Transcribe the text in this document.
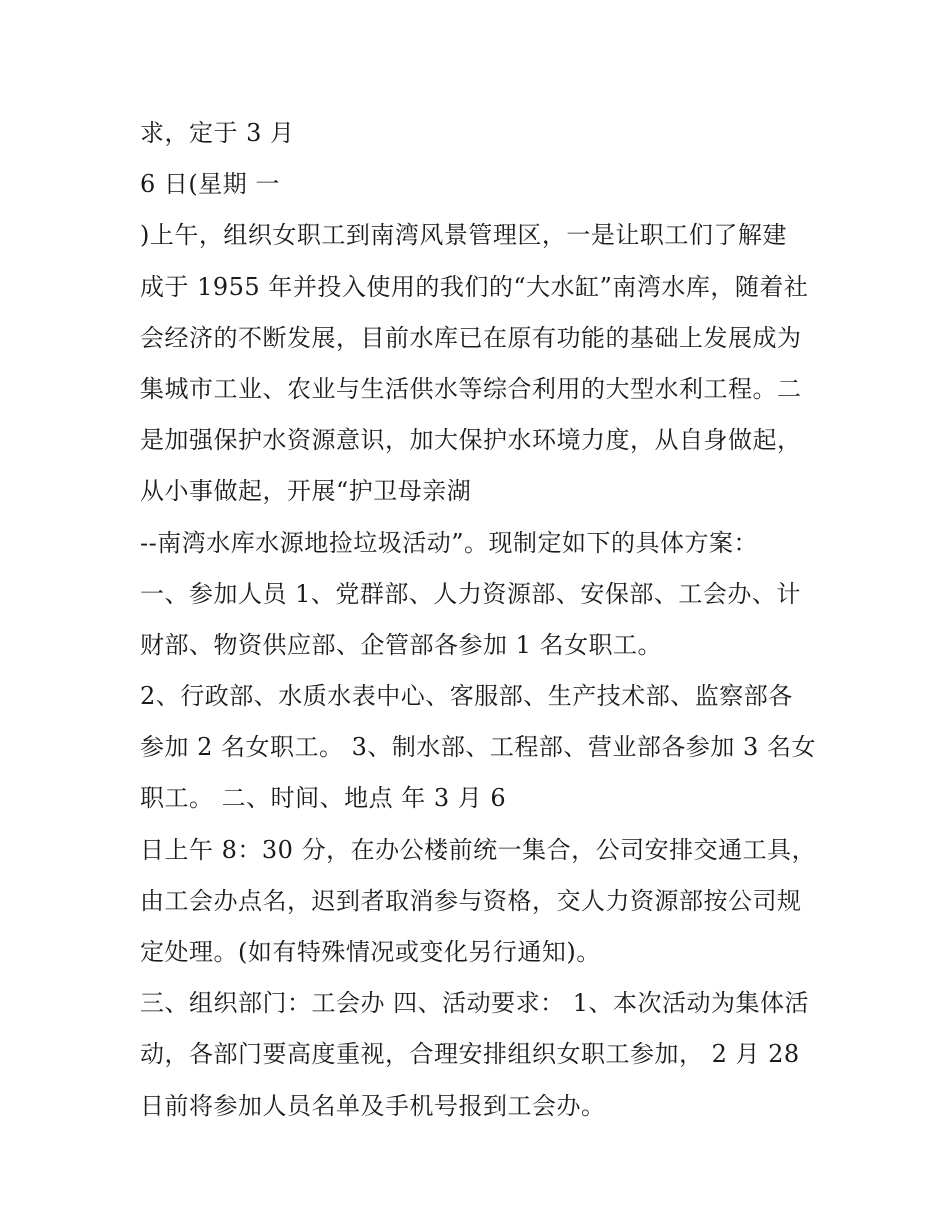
求，定于 3 月
6 日(星期 一
)上午，组织女职工到南湾风景管理区，一是让职工们了解建
成于 1955 年并投入使用的我们的“大水缸”南湾水库，随着社
会经济的不断发展，目前水库已在原有功能的基础上发展成为
集城市工业、农业与生活供水等综合利用的大型水利工程。二
是加强保护水资源意识，加大保护水环境力度，从自身做起，
从小事做起，开展“护卫母亲湖
--南湾水库水源地捡垃圾活动”。现制定如下的具体方案：
一、参加人员 1、党群部、人力资源部、安保部、工会办、计
财部、物资供应部、企管部各参加 1 名女职工。
2、行政部、水质水表中心、客服部、生产技术部、监察部各
参加 2 名女职工。 3、制水部、工程部、营业部各参加 3 名女
职工。 二、时间、地点 年 3 月 6
日上午 8：30 分，在办公楼前统一集合，公司安排交通工具，
由工会办点名，迟到者取消参与资格，交人力资源部按公司规
定处理。(如有特殊情况或变化另行通知)。
三、组织部门：工会办 四、活动要求： 1、本次活动为集体活
动，各部门要高度重视，合理安排组织女职工参加， 2 月 28
日前将参加人员名单及手机号报到工会办。
